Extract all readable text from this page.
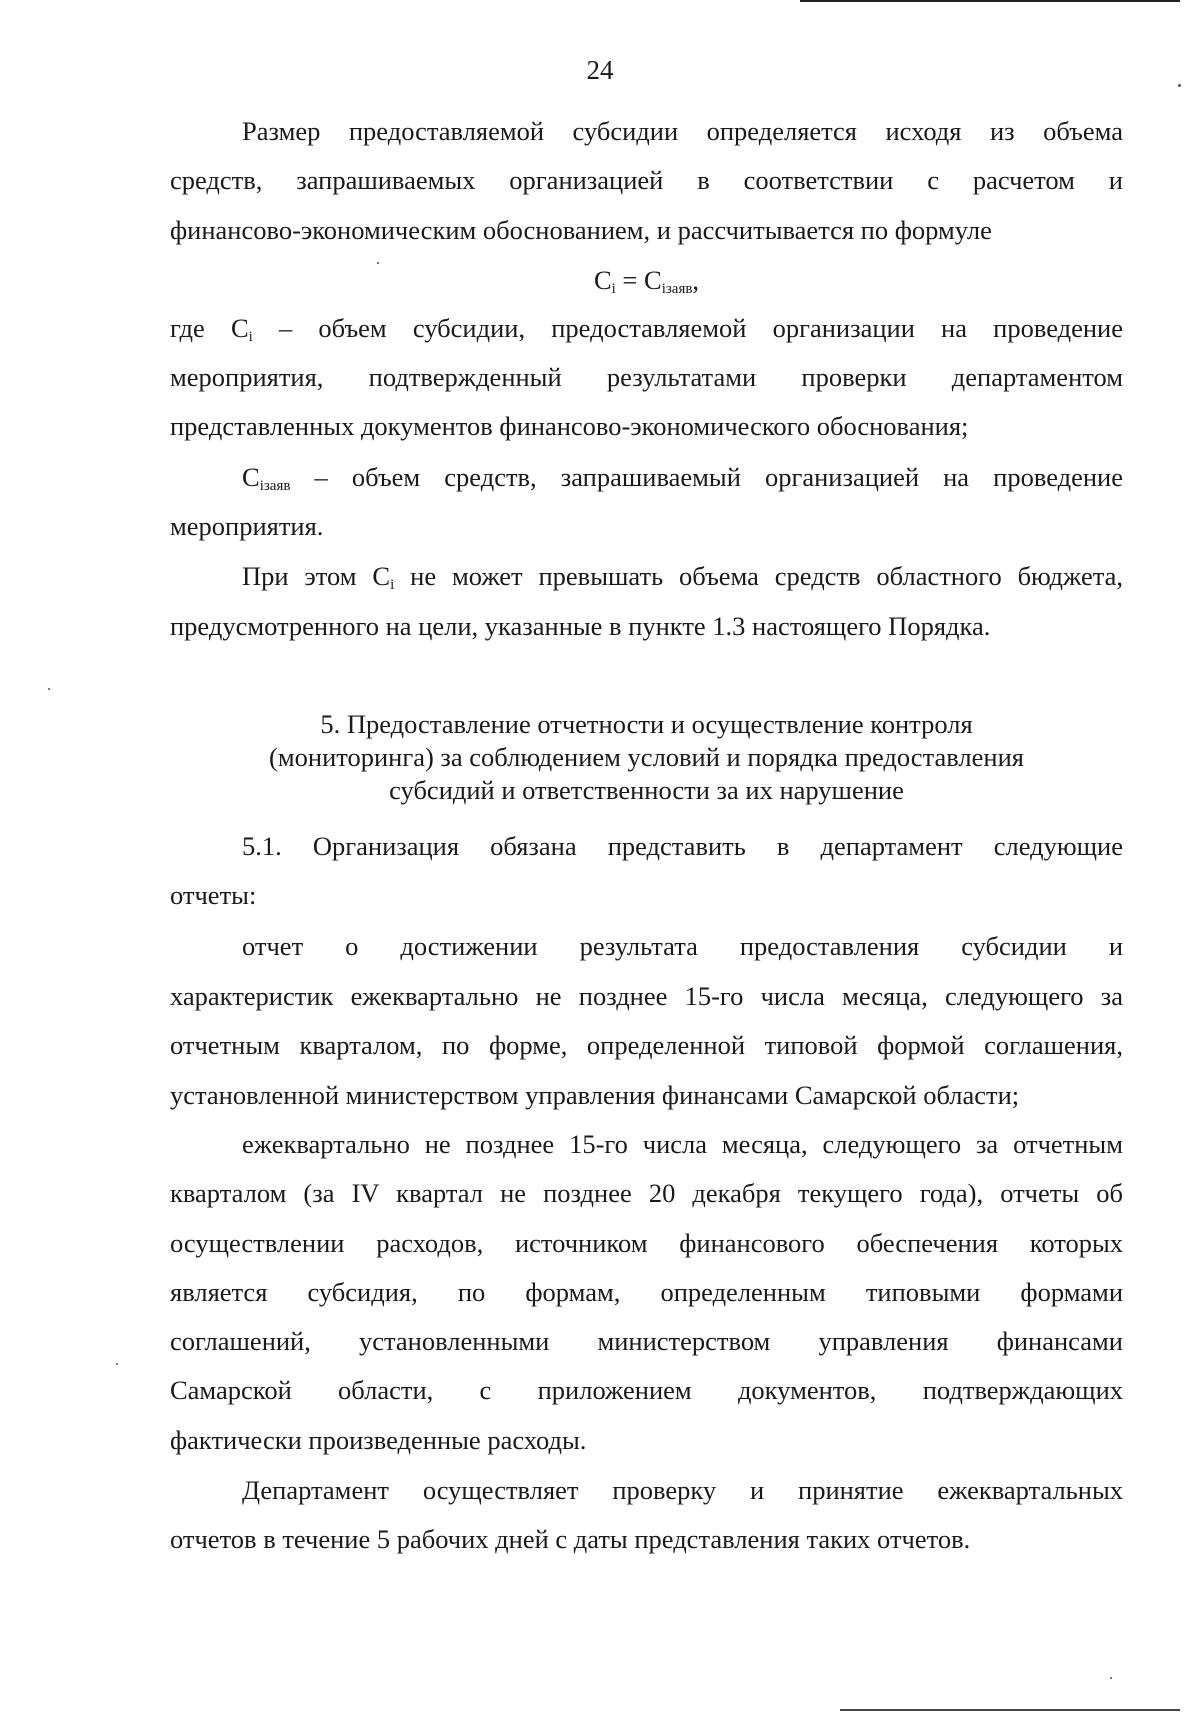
24
Размер предоставляемой субсидии определяется исходя из объема
средств, запрашиваемых организацией в соответствии с расчетом и
финансово-экономическим обоснованием, и рассчитывается по формуле
$C_i = C_{iзаяв}$,
где $C_i$ – объем субсидии, предоставляемой организации на проведение
мероприятия, подтвержденный результатами проверки департаментом
представленных документов финансово-экономического обоснования;
$C_{iзаяв}$ – объем средств, запрашиваемый организацией на проведение
мероприятия.
При этом $C_i$ не может превышать объема средств областного бюджета,
предусмотренного на цели, указанные в пункте 1.3 настоящего Порядка.
5. Предоставление отчетности и осуществление контроля
(мониторинга) за соблюдением условий и порядка предоставления
субсидий и ответственности за их нарушение
5.1. Организация обязана представить в департамент следующие
отчеты:
отчет о достижении результата предоставления субсидии и
характеристик ежеквартально не позднее 15-го числа месяца, следующего за
отчетным кварталом, по форме, определенной типовой формой соглашения,
установленной министерством управления финансами Самарской области;
ежеквартально не позднее 15-го числа месяца, следующего за отчетным
кварталом (за IV квартал не позднее 20 декабря текущего года), отчеты об
осуществлении расходов, источником финансового обеспечения которых
является субсидия, по формам, определенным типовыми формами
соглашений, установленными министерством управления финансами
Самарской области, с приложением документов, подтверждающих
фактически произведенные расходы.
Департамент осуществляет проверку и принятие ежеквартальных
отчетов в течение 5 рабочих дней с даты представления таких отчетов.
